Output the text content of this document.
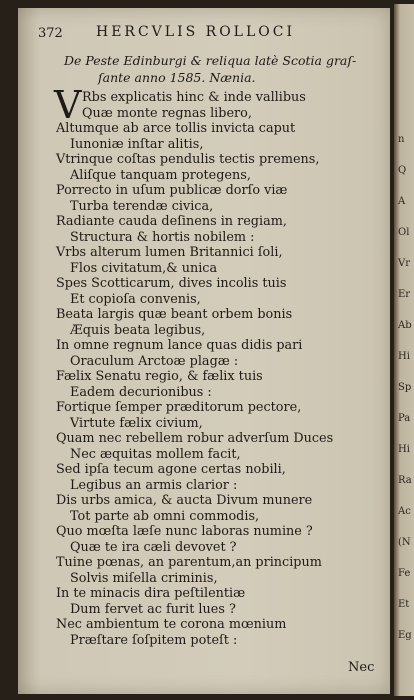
n
Q
A
Ol
Vr
Er
Ab
Hi
Sp
Pa
Hi
Ra
Ac
(N
Fe
Et
Eg
372 HERCVLIS ROLLOCI
De Peste Edinburgi & reliqua latè Scotia graſ-
ſante anno 1585. Nænia.
V Rbs explicatis hinc & inde vallibus
Quæ monte regnas libero,
Altumque ab arce tollis invicta caput
Iunoniæ inſtar alitis,
Vtrinque coſtas pendulis tectis premens,
Aliſque tanquam protegens,
Porrecto in uſum publicæ dorſo viæ
Turba terendæ civica,
Radiante cauda deſinens in regiam,
Structura & hortis nobilem :
Vrbs alterum lumen Britannici ſoli,
Flos civitatum,& unica
Spes Scotticarum, dives incolis tuis
Et copioſa convenis,
Beata largis quæ beant orbem bonis
Æquis beata legibus,
In omne regnum lance quas didis pari
Oraculum Arctoæ plagæ :
Fælix Senatu regio, & fælix tuis
Eadem decurionibus :
Fortique ſemper præditorum pectore,
Virtute fælix civium,
Quam nec rebellem robur adverſum Duces
Nec æquitas mollem facit,
Sed ipſa tecum agone certas nobili,
Legibus an armis clarior :
Dis urbs amica, & aucta Divum munere
Tot parte ab omni commodis,
Quo mœſta læſe nunc laboras numine ?
Quæ te ira cæli devovet ?
Tuine pœnas, an parentum,an principum
Solvis miſella criminis,
In te minacis dira peſtilentiæ
Dum fervet ac furit lues ?
Nec ambientum te corona mœnium
Præſtare ſoſpitem poteſt :
Nec
